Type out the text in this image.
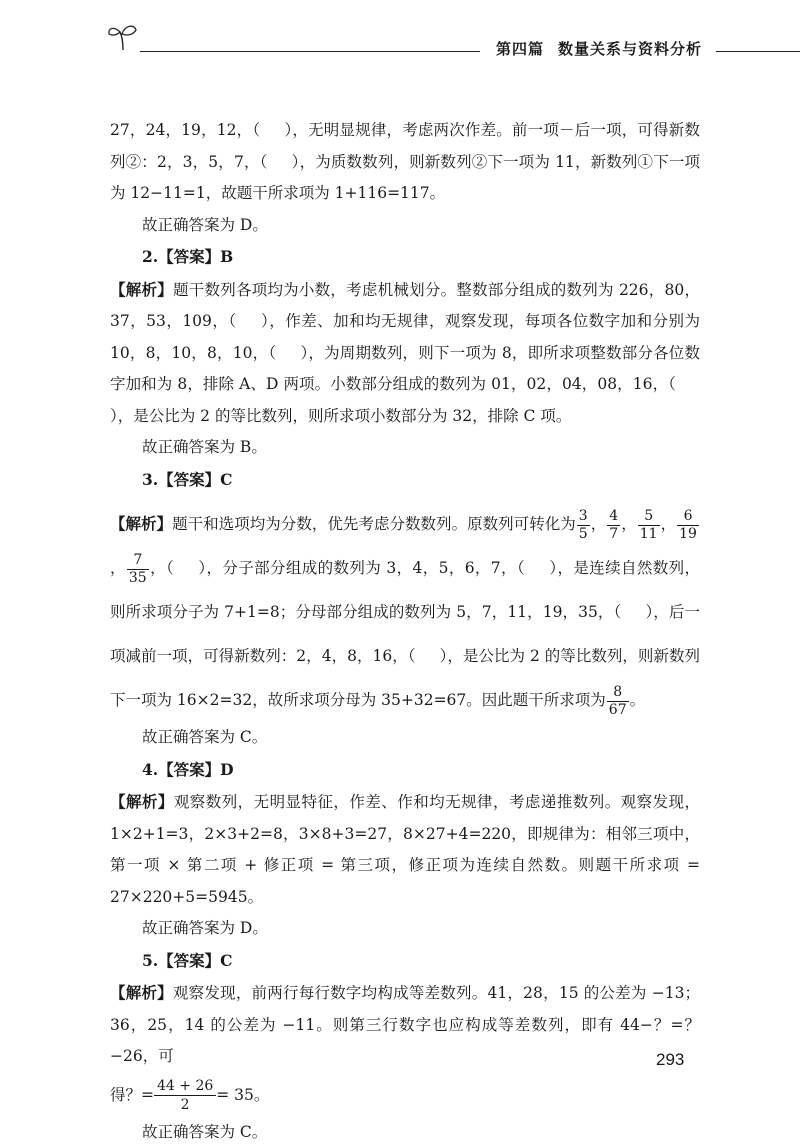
第四篇 数量关系与资料分析

27，24，19，12，（ ），无明显规律，考虑两次作差。前一项－后一项，可得新数列②：2，3，5，7，（ ），为质数数列，则新数列②下一项为 11，新数列①下一项为 12−11=1，故题干所求项为 1+116=117。

故正确答案为 D。

2.【答案】B

【解析】题干数列各项均为小数，考虑机械划分。整数部分组成的数列为 226，80，37，53，109，（ ），作差、加和均无规律，观察发现，每项各位数字加和分别为 10，8，10，8，10，（ ），为周期数列，则下一项为 8，即所求项整数部分各位数字加和为 8，排除 A、D 两项。小数部分组成的数列为 01，02，04，08，16，（），是公比为 2 的等比数列，则所求项小数部分为 32，排除 C 项。

故正确答案为 B。

3.【答案】C

【解析】题干和选项均为分数，优先考虑分数数列。原数列可转化为 $\frac{3}{5}$ ， $\frac{4}{7}$ ， $\frac{5}{11}$ ， $\frac{6}{19}$
， $\frac{7}{35}$ ，（ ），分子部分组成的数列为 3，4，5，6，7，（ ），是连续自然数列，则所求项分子为 7+1=8；分母部分组成的数列为 5，7，11，19，35，（ ），后一项减前一项，可得新数列：2，4，8，16，（ ），是公比为 2 的等比数列，则新数列下一项为 16×2=32，故所求项分母为 35+32=67。因此题干所求项为 $\frac{8}{67}$ 。

故正确答案为 C。

4.【答案】D

【解析】观察数列，无明显特征，作差、作和均无规律，考虑递推数列。观察发现，1×2+1=3，2×3+2=8，3×8+3=27，8×27+4=220，即规律为：相邻三项中，第一项 × 第二项 + 修正项 = 第三项，修正项为连续自然数。则题干所求项 = 27×220+5=5945。

故正确答案为 D。

5.【答案】C

【解析】观察发现，前两行每行数字均构成等差数列。41，28，15 的公差为 −13；36，25，14 的公差为 −11。则第三行数字也应构成等差数列，即有 44−？=？−26，可

得？= $\frac{44 + 26}{2} = 35$。

故正确答案为 C。

293
